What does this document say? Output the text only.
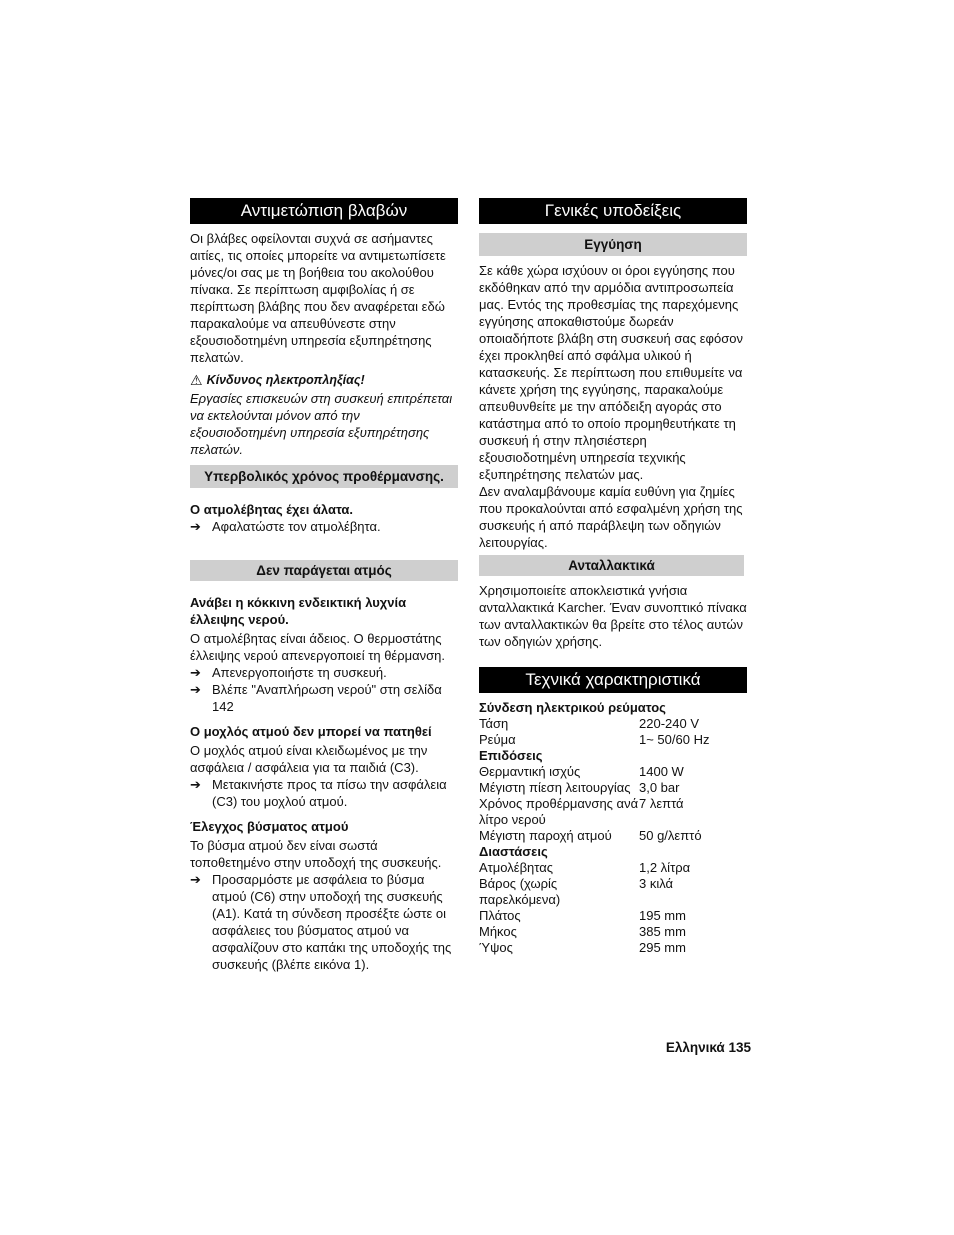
Αντιμετώπιση βλαβών

Οι βλάβες οφείλονται συχνά σε ασήμαντες αιτίες, τις οποίες μπορείτε να αντιμετωπίσετε μόνες/οι σας με τη βοήθεια του ακολούθου πίνακα. Σε περίπτωση αμφιβολίας ή σε περίπτωση βλάβης που δεν αναφέρεται εδώ παρακαλούμε να απευθύνεστε στην εξουσιοδοτημένη υπηρεσία εξυπηρέτησης πελατών.

⚠ Κίνδυνος ηλεκτροπληξίας!

Εργασίες επισκευών στη συσκευή επιτρέπεται να εκτελούνται μόνον από την εξουσιοδοτημένη υπηρεσία εξυπηρέτησης πελατών.

Υπερβολικός χρόνος προθέρμανσης.

Ο ατμολέβητας έχει άλατα.

➔ Αφαλατώστε τον ατμολέβητα.
Δεν παράγεται ατμός

Ανάβει η κόκκινη ενδεικτική λυχνία έλλειψης νερού.

Ο ατμολέβητας είναι άδειος. Ο θερμοστάτης έλλειψης νερού απενεργοποιεί τη θέρμανση.

➔ Απενεργοποιήστε τη συσκευή.
➔ Βλέπε "Αναπλήρωση νερού" στη σελίδα 142

Ο μοχλός ατμού δεν μπορεί να πατηθεί

Ο μοχλός ατμού είναι κλειδωμένος με την ασφάλεια / ασφάλεια για τα παιδιά (C3).

➔ Μετακινήστε προς τα πίσω την ασφάλεια (C3) του μοχλού ατμού.

Έλεγχος βύσματος ατμού

Το βύσμα ατμού δεν είναι σωστά τοποθετημένο στην υποδοχή της συσκευής.

➔ Προσαρμόστε με ασφάλεια το βύσμα ατμού (C6) στην υποδοχή της συσκευής (A1). Κατά τη σύνδεση προσέξτε ώστε οι ασφάλειες του βύσματος ατμού να ασφαλίζουν στο καπάκι της υποδοχής της συσκευής (βλέπε εικόνα 1).
Γενικές υποδείξεις
Εγγύηση

Σε κάθε χώρα ισχύουν οι όροι εγγύησης που εκδόθηκαν από την αρμόδια αντιπροσωπεία μας. Εντός της προθεσμίας της παρεχόμενης εγγύησης αποκαθιστούμε δωρεάν οποιαδήποτε βλάβη στη συσκευή σας εφόσον έχει προκληθεί από σφάλμα υλικού ή κατασκευής. Σε περίπτωση που επιθυμείτε να κάνετε χρήση της εγγύησης, παρακαλούμε απευθυνθείτε με την απόδειξη αγοράς στο κατάστημα από το οποίο προμηθευτήκατε τη συσκευή ή στην πλησιέστερη εξουσιοδοτημένη υπηρεσία τεχνικής εξυπηρέτησης πελατών μας.

Δεν αναλαμβάνουμε καμία ευθύνη για ζημίες που προκαλούνται από εσφαλμένη χρήση της συσκευής ή από παράβλεψη των οδηγιών λειτουργίας.

Ανταλλακτικά

Χρησιμοποιείτε αποκλειστικά γνήσια ανταλλακτικά Karcher. Έναν συνοπτικό πίνακα των ανταλλακτικών θα βρείτε στο τέλος αυτών των οδηγιών χρήσης.

Τεχνικά χαρακτηριστικά
Σύνδεση ηλεκτρικού ρεύματος
Τάση	220-240 V
Ρεύμα	1~ 50/60 Hz
Επιδόσεις
Θερμαντική ισχύς	1400 W
Μέγιστη πίεση λειτουργίας 3,0 bar
Χρόνος προθέρμανσης ανά λίτρο νερού
7 λεπτά
Μέγιστη παροχή ατμού	50 g/λεπτό
Διαστάσεις
Ατμολέβητας	1,2 λίτρα
Βάρος (χωρίς παρελκόμενα)
3 κιλά
Πλάτος	195 mm
Μήκος	385 mm
Ύψος	295 mm
Ελληνικά 135
